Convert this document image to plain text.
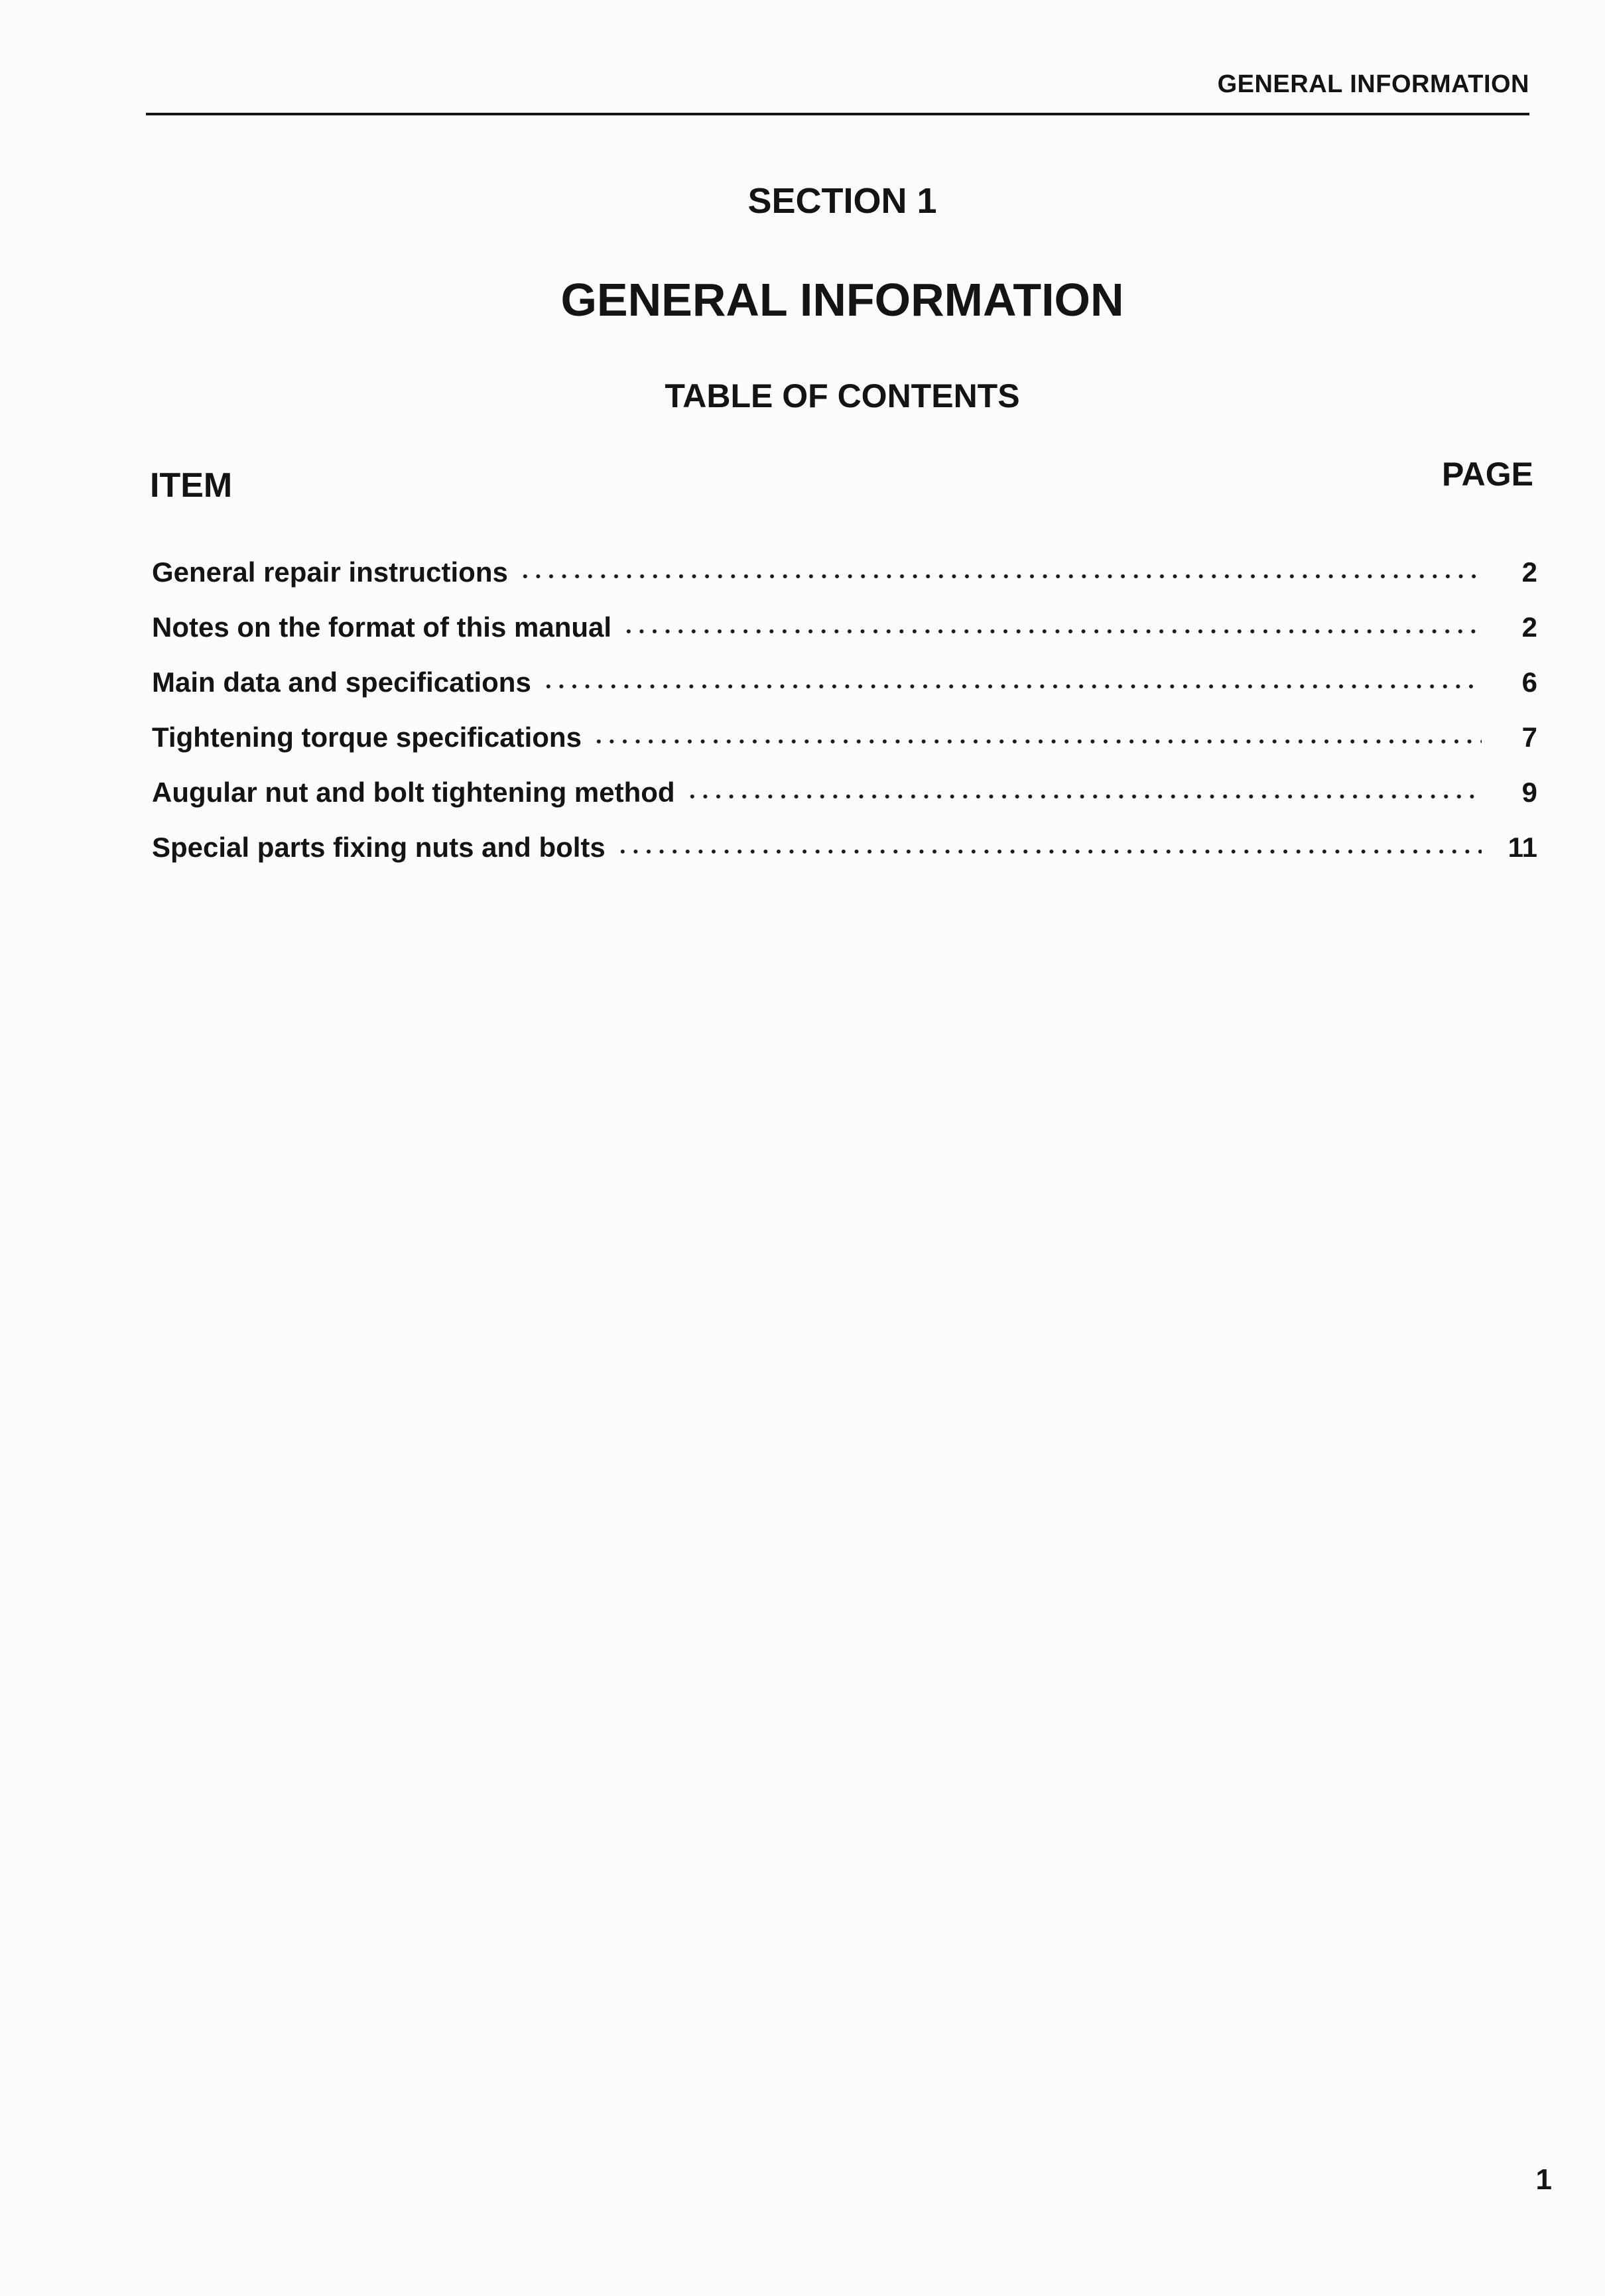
GENERAL INFORMATION
SECTION 1
GENERAL INFORMATION
TABLE OF CONTENTS
ITEM	PAGE
General repair instructions	2
Notes on the format of this manual	2
Main data and specifications	6
Tightening torque specifications	7
Augular nut and bolt tightening method	9
Special parts fixing nuts and bolts	11
1
